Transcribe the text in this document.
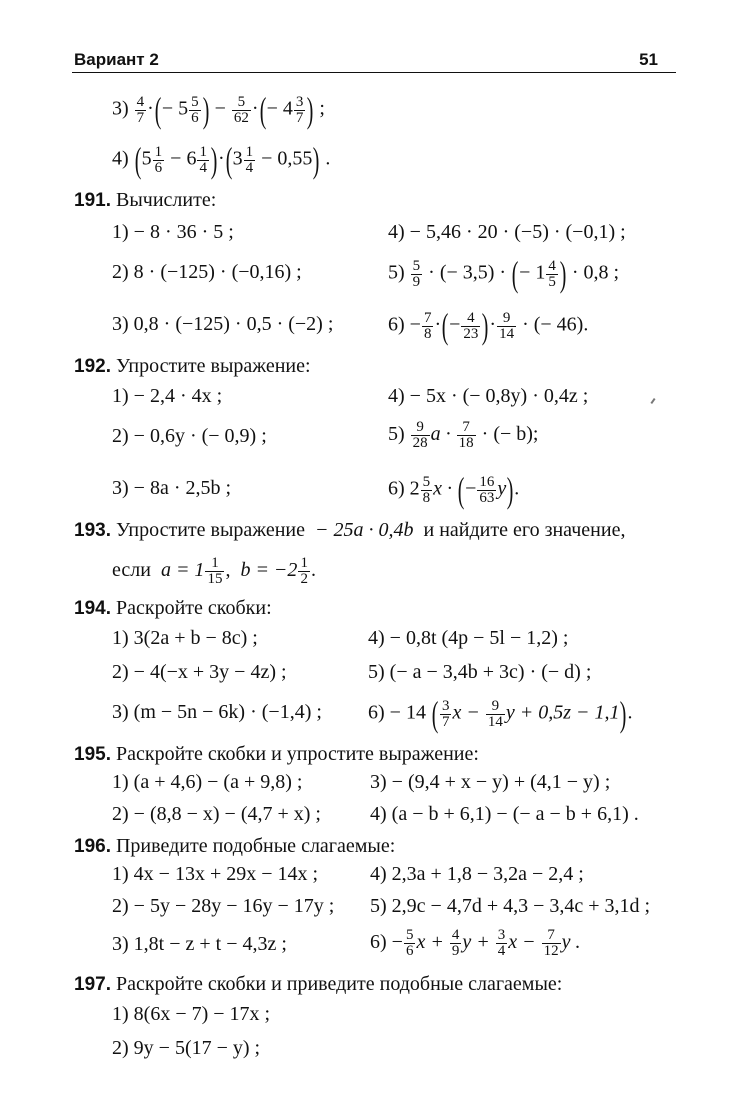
Вариант 2	51
$3) \frac{4}{7}$ ·(− $5 \frac{5}{6}$ ) − $\frac{5}{62}$ ·(− $4 \frac{3}{7}$ ) ;
4) $(5 \frac{1}{6} - 6 \frac{1}{4} )\cdot(3 \frac{1}{4} - 0,55)$ .
191. Вычислите:
1) − 8 · 36 · 5 ;	4) − 5,46 · 20 · (−5) · (−0,1) ;
2) 8 · (−125) · (−0,16) ;	$5) \frac{5}{9}$ · (− 3,5) · (− $1 \frac{4}{5}$ ) · 0,8 ;
3) 0,8 · (−125) · 0,5 · (−2) ;	$6) - \frac{7}{8}$ ·(− $\frac{4}{23}$ )· $\frac{9}{14}$ · (− 46).
192. Упростите выражение:
1) − 2,4 · 4x ;	4) − 5x · (− 0,8y) · 0,4z ;
2) − 0,6y · (− 0,9) ;	$5) \frac{9}{28}$ $a \cdot \frac{7}{18}$ · (− b);
3) − 8a · 2,5b ;	6) $2 \frac{5}{8}$ x · (− $\frac{16}{63} y$).
193. Упростите выражение − 25a · 0,4b и найдите его значение,
если $a = 1 \frac{1}{15}$ ,  $b = -2 \frac{1}{2}$ .
194. Раскройте скобки:
1) 3(2a + b − 8c) ;	4) − 0,8t (4p − 5l − 1,2) ;
2) − 4(−x + 3y − 4z) ;	5) (− a − 3,4b + 3c) · (− d) ;
3) (m − 5n − 6k) · (−1,4) ; 6) − 14 ( $\frac{3}{7}$ $x - \frac{9}{14}$ y + 0,5z − 1,1).
195. Раскройте скобки и упростите выражение:
1) (a + 4,6) − (a + 9,8) ;	3) − (9,4 + x − y) + (4,1 − y) ;
2) − (8,8 − x) − (4,7 + x) ; 4) (a − b + 6,1) − (− a − b + 6,1) .
196. Приведите подобные слагаемые:
1) 4x − 13x + 29x − 14x ;	4) 2,3a + 1,8 − 3,2a − 2,4 ;
2) − 5y − 28y − 16y − 17y ; 5) 2,9c − 4,7d + 4,3 − 3,4c + 3,1d ;
3) 1,8t − z + t − 4,3z ;	$6) - \frac{5}{6}$ $x + \frac{4}{9}$ $y + \frac{3}{4}$ $x - \frac{7}{12}$ y .
197. Раскройте скобки и приведите подобные слагаемые:
1) 8(6x − 7) − 17x ;
2) 9y − 5(17 − y) ;
